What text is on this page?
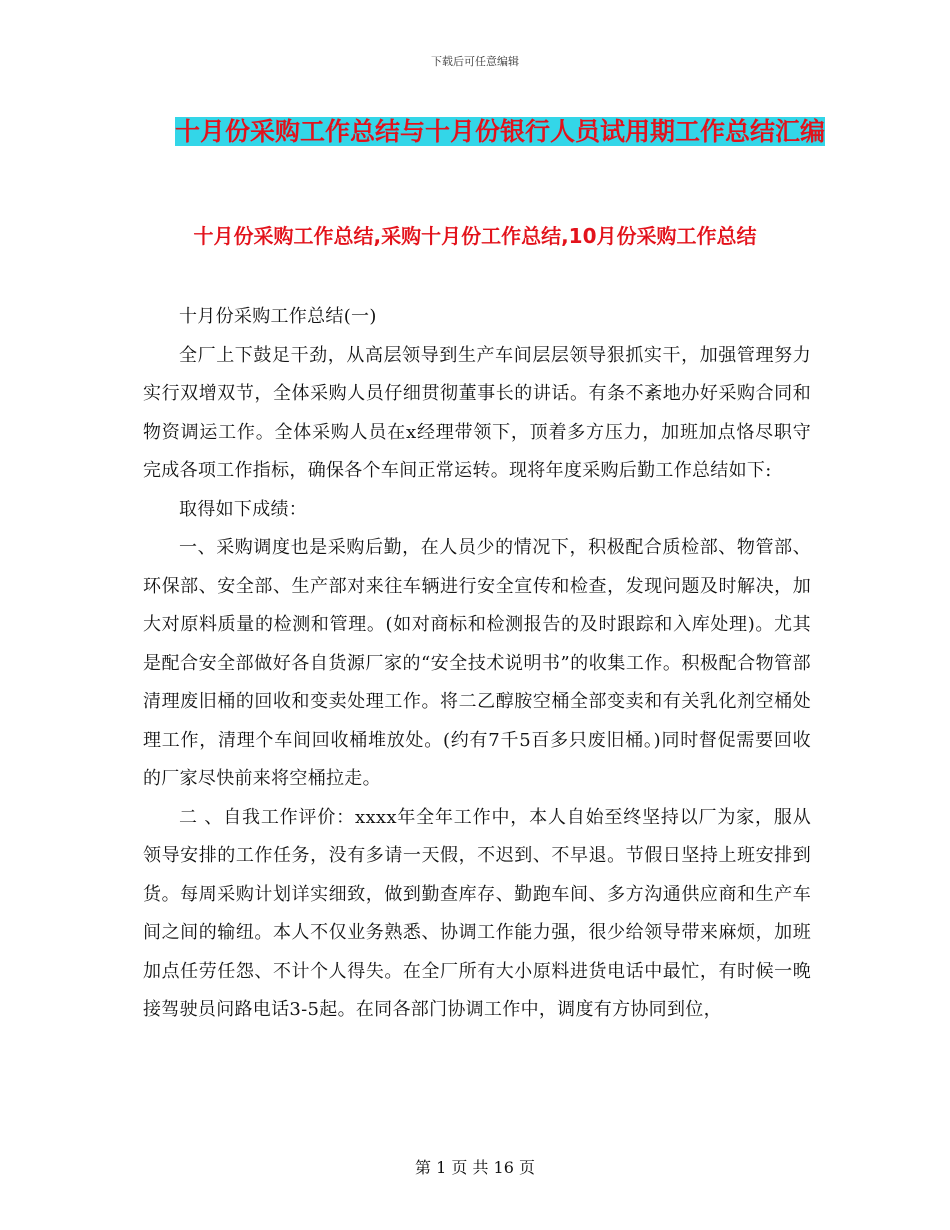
下载后可任意编辑
十月份采购工作总结与十月份银行人员试用期工作总结汇编
十月份采购工作总结,采购十月份工作总结,10月份采购工作总结

十月份采购工作总结(一)

全厂上下鼓足干劲，从高层领导到生产车间层层领导狠抓实干，加强管理努力实行双增双节，全体采购人员仔细贯彻董事长的讲话。有条不紊地办好采购合同和物资调运工作。全体采购人员在x经理带领下，顶着多方压力，加班加点恪尽职守完成各项工作指标，确保各个车间正常运转。现将年度采购后勤工作总结如下:

取得如下成绩：

一、采购调度也是采购后勤，在人员少的情况下，积极配合质检部、物管部、环保部、安全部、生产部对来往车辆进行安全宣传和检查，发现问题及时解决，加大对原料质量的检测和管理。(如对商标和检测报告的及时跟踪和入库处理)。尤其是配合安全部做好各自货源厂家的“安全技术说明书”的收集工作。积极配合物管部清理废旧桶的回收和变卖处理工作。将二乙醇胺空桶全部变卖和有关乳化剂空桶处理工作，清理个车间回收桶堆放处。(约有7千5百多只废旧桶。)同时督促需要回收的厂家尽快前来将空桶拉走。

二 、自我工作评价：xxxx年全年工作中，本人自始至终坚持以厂为家，服从领导安排的工作任务，没有多请一天假，不迟到、不早退。节假日坚持上班安排到货。每周采购计划详实细致，做到勤查库存、勤跑车间、多方沟通供应商和生产车间之间的输纽。本人不仅业务熟悉、协调工作能力强，很少给领导带来麻烦，加班加点任劳任怨、不计个人得失。在全厂所有大小原料进货电话中最忙，有时候一晚接驾驶员问路电话3-5起。在同各部门协调工作中，调度有方协同到位，

第 1 页 共 16 页
